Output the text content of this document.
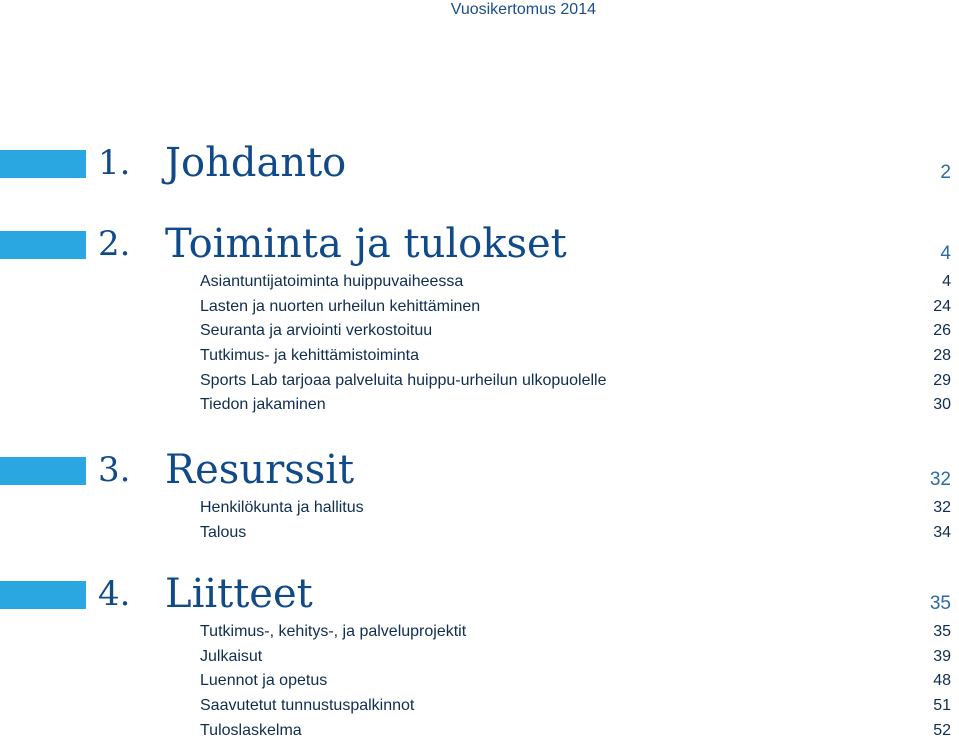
Vuosikertomus 2014
1. Johdanto	2
2. Toiminta ja tulokset	4
Asiantuntijatoiminta huippuvaiheessa	4
Lasten ja nuorten urheilun kehittäminen	24
Seuranta ja arviointi verkostoituu	26
Tutkimus- ja kehittämistoiminta	28
Sports Lab tarjoaa palveluita huippu-urheilun ulkopuolelle	29
Tiedon jakaminen	30
3. Resurssit	32
Henkilökunta ja hallitus	32
Talous	34
4. Liitteet	35
Tutkimus-, kehitys-, ja palveluprojektit	35
Julkaisut	39
Luennot ja opetus	48
Saavutetut tunnustuspalkinnot	51
Tuloslaskelma	52
